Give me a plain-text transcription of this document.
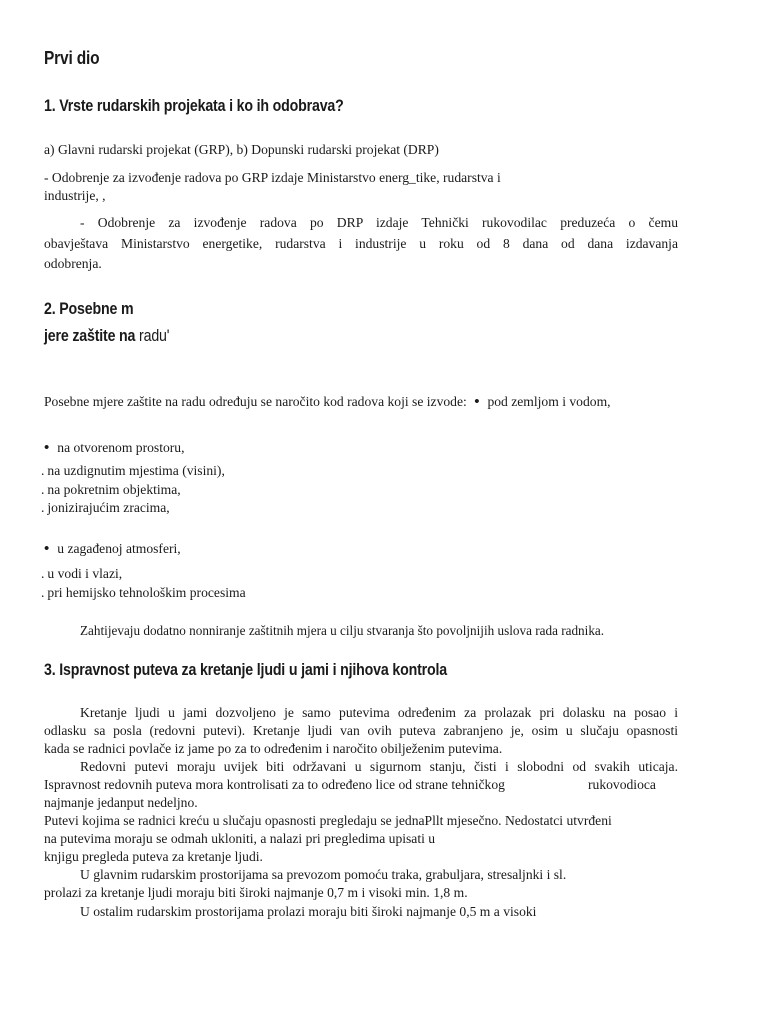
Prvi dio
1. Vrste rudarskih projekata i ko ih odobrava?
a) Glavni rudarski projekat (GRP), b) Dopunski rudarski projekat (DRP)
- Odobrenje za izvođenje radova po GRP izdaje Ministarstvo energ_tike, rudarstva i
industrije, ,
- Odobrenje za izvođenje radova po DRP izdaje Tehnički rukovodilac preduzeća o čemu
obavještava Ministarstvo energetike, rudarstva i industrije u roku od 8 dana od dana izdavanja
odobrenja.
2. Posebne m
jere zaštite na radu'
Posebne mjere zaštite na radu određuju se naročito kod radova koji se izvode: • pod zemljom i vodom,
• na otvorenom prostoru,
. na uzdignutim mjestima (visini),
. na pokretnim objektima,
. jonizirajućim zracima,
• u zagađenoj atmosferi,
. u vodi i vlazi,
. pri hemijsko tehnološkim procesima
Zahtijevaju dodatno nonniranje zaštitnih mjera u cilju stvaranja što povoljnijih uslova rada radnika.
3. Ispravnost puteva za kretanje ljudi u jami i njihova kontrola
Kretanje ljudi u jami dozvoljeno je samo putevima određenim za prolazak pri dolasku na posao i
odlasku sa posla (redovni putevi). Kretanje ljudi van ovih puteva zabranjeno je, osim u slučaju opasnosti
kada se radnici povlače iz jame po za to određenim i naročito obilježenim putevima.
Redovni putevi moraju uvijek biti održavani u sigurnom stanju, čisti i slobodni od svakih uticaja.
Ispravnost redovnih puteva mora kontrolisati za to određeno lice od strane tehničkog	rukovodioca
najmanje jedanput nedeljno.
Putevi kojima se radnici kreću u slučaju opasnosti pregledaju se jednaPllt mjesečno. Nedostatci utvrđeni
na putevima moraju se odmah ukloniti, a nalazi pri pregledima upisati u
knjigu pregleda puteva za kretanje ljudi.
U glavnim rudarskim prostorijama sa prevozom pomoću traka, grabuljara, stresaljnki i sl.
prolazi za kretanje ljudi moraju biti široki najmanje 0,7 m i visoki min. 1,8 m.
U ostalim rudarskim prostorijama prolazi moraju biti široki najmanje 0,5 m a visoki
